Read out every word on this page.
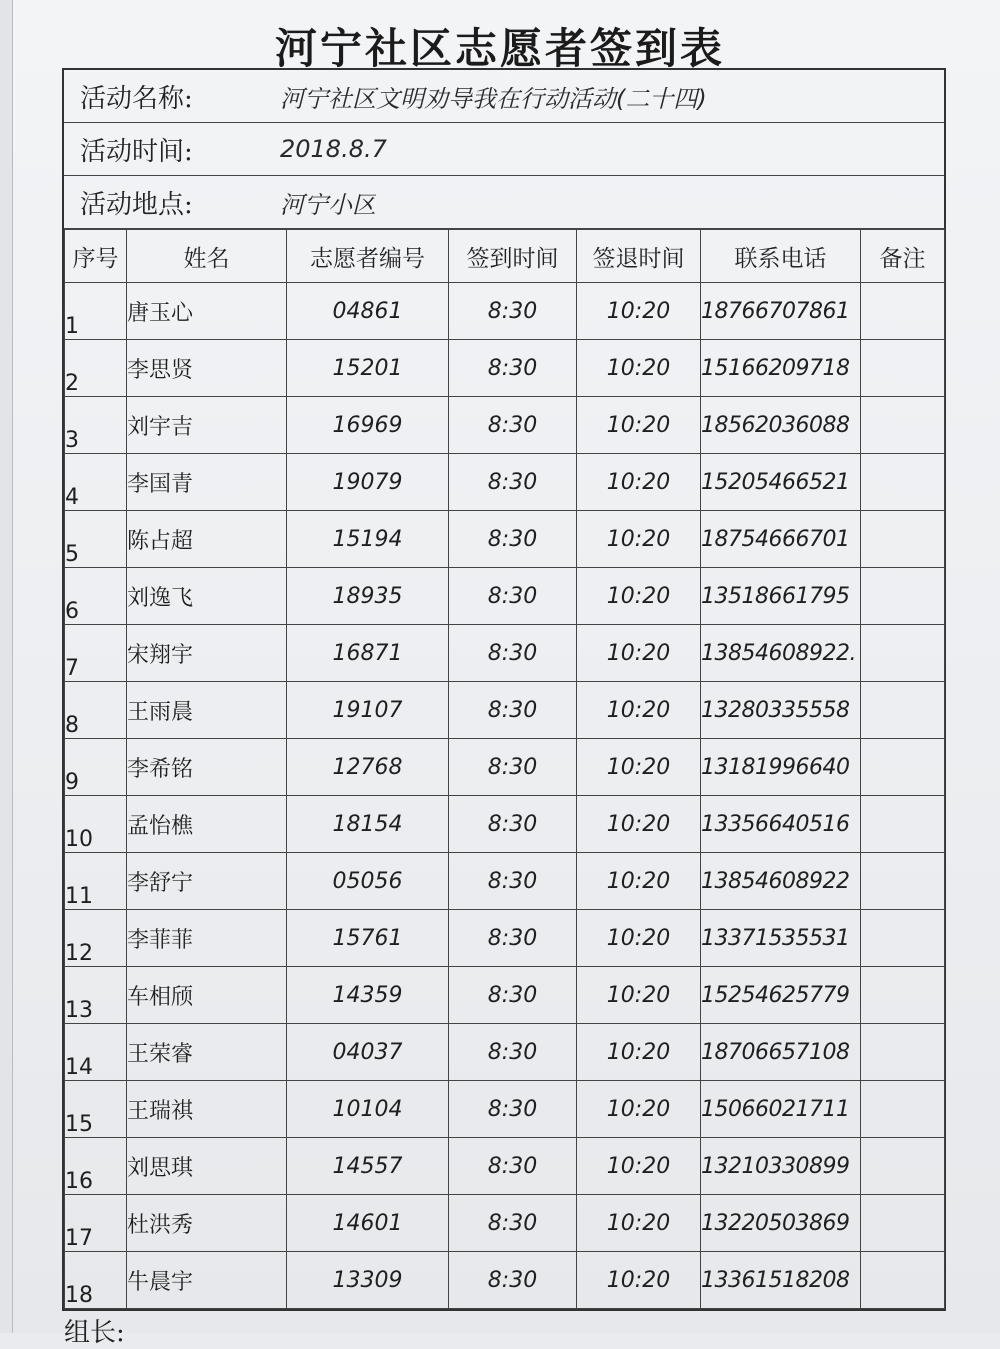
河宁社区志愿者签到表
活动名称:	河宁社区文明劝导我在行动活动(二十四)
活动时间:	2018.8.7
活动地点:	河宁小区
序号	姓名	志愿者编号	签到时间	签退时间	联系电话	备注
1	唐玉心	04861	8:30	10:20	18766707861	
2	李思贤	15201	8:30	10:20	15166209718	
3	刘宇吉	16969	8:30	10:20	18562036088	
4	李国青	19079	8:30	10:20	15205466521	
5	陈占超	15194	8:30	10:20	18754666701	
6	刘逸飞	18935	8:30	10:20	13518661795	
7	宋翔宇	16871	8:30	10:20	13854608922.	
8	王雨晨	19107	8:30	10:20	13280335558	
9	李希铭	12768	8:30	10:20	13181996640	
10	孟怡樵	18154	8:30	10:20	13356640516	
11	李舒宁	05056	8:30	10:20	13854608922	
12	李菲菲	15761	8:30	10:20	13371535531	
13	车相颀	14359	8:30	10:20	15254625779	
14	王荣睿	04037	8:30	10:20	18706657108	
15	王瑞祺	10104	8:30	10:20	15066021711	
16	刘思琪	14557	8:30	10:20	13210330899	
17	杜洪秀	14601	8:30	10:20	13220503869	
18	牛晨宇	13309	8:30	10:20	13361518208	
组长:
